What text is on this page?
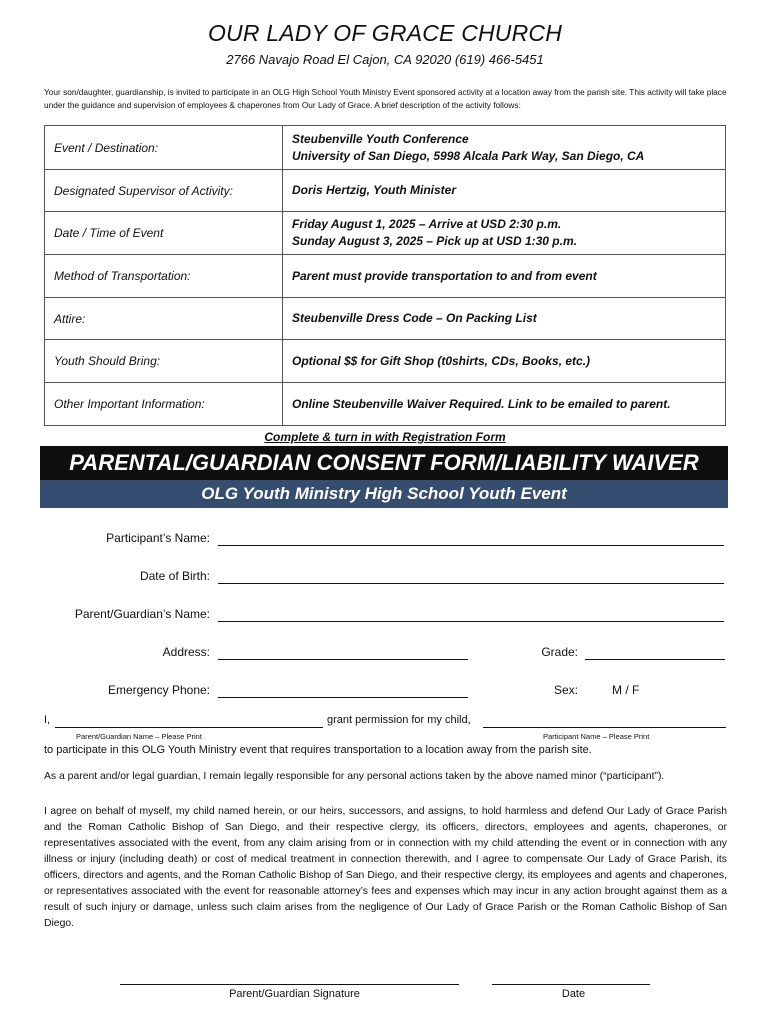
OUR LADY OF GRACE CHURCH
2766 Navajo Road El Cajon, CA 92020 (619) 466-5451
Your son/daughter, guardianship, is invited to participate in an OLG High School Youth Ministry Event sponsored activity at a location away from the parish site. This activity will take place under the guidance and supervision of employees & chaperones from Our Lady of Grace. A brief description of the activity follows:
Event / Destination:	Steubenville Youth Conference
University of San Diego, 5998 Alcala Park Way, San Diego, CA

Designated Supervisor of Activity:	Doris Hertzig, Youth Minister

Date / Time of Event	Friday August 1, 2025 – Arrive at USD 2:30 p.m.
Sunday August 3, 2025 – Pick up at USD 1:30 p.m.

Method of Transportation:	Parent must provide transportation to and from event

Attire:	Steubenville Dress Code – On Packing List

Youth Should Bring:	Optional $$ for Gift Shop (t0shirts, CDs, Books, etc.)

Other Important Information:	Online Steubenville Waiver Required. Link to be emailed to parent.
Complete & turn in with Registration Form
PARENTAL/GUARDIAN CONSENT FORM/LIABILITY WAIVER
OLG Youth Ministry High School Youth Event
Participant’s Name:
Date of Birth:
Parent/Guardian’s Name:
Address:	Grade:
Emergency Phone:	Sex:	M / F
I,	grant permission for my child,
Parent/Guardian Name – Please Print	Participant Name – Please Print
to participate in this OLG Youth Ministry event that requires transportation to a location away from the parish site.
As a parent and/or legal guardian, I remain legally responsible for any personal actions taken by the above named minor (“participant”).
I agree on behalf of myself, my child named herein, or our heirs, successors, and assigns, to hold harmless and defend Our Lady of Grace Parish and the Roman Catholic Bishop of San Diego, and their respective clergy, its officers, directors, employees and agents, chaperones, or representatives associated with the event, from any claim arising from or in connection with my child attending the event or in connection with any illness or injury (including death) or cost of medical treatment in connection therewith, and I agree to compensate Our Lady of Grace Parish, its officers, directors and agents, and the Roman Catholic Bishop of San Diego, and their respective clergy, its employees and agents and chaperones, or representatives associated with the event for reasonable attorney’s fees and expenses which may incur in any action brought against them as a result of such injury or damage, unless such claim arises from the negligence of Our Lady of Grace Parish or the Roman Catholic Bishop of San Diego.
Parent/Guardian Signature	Date
